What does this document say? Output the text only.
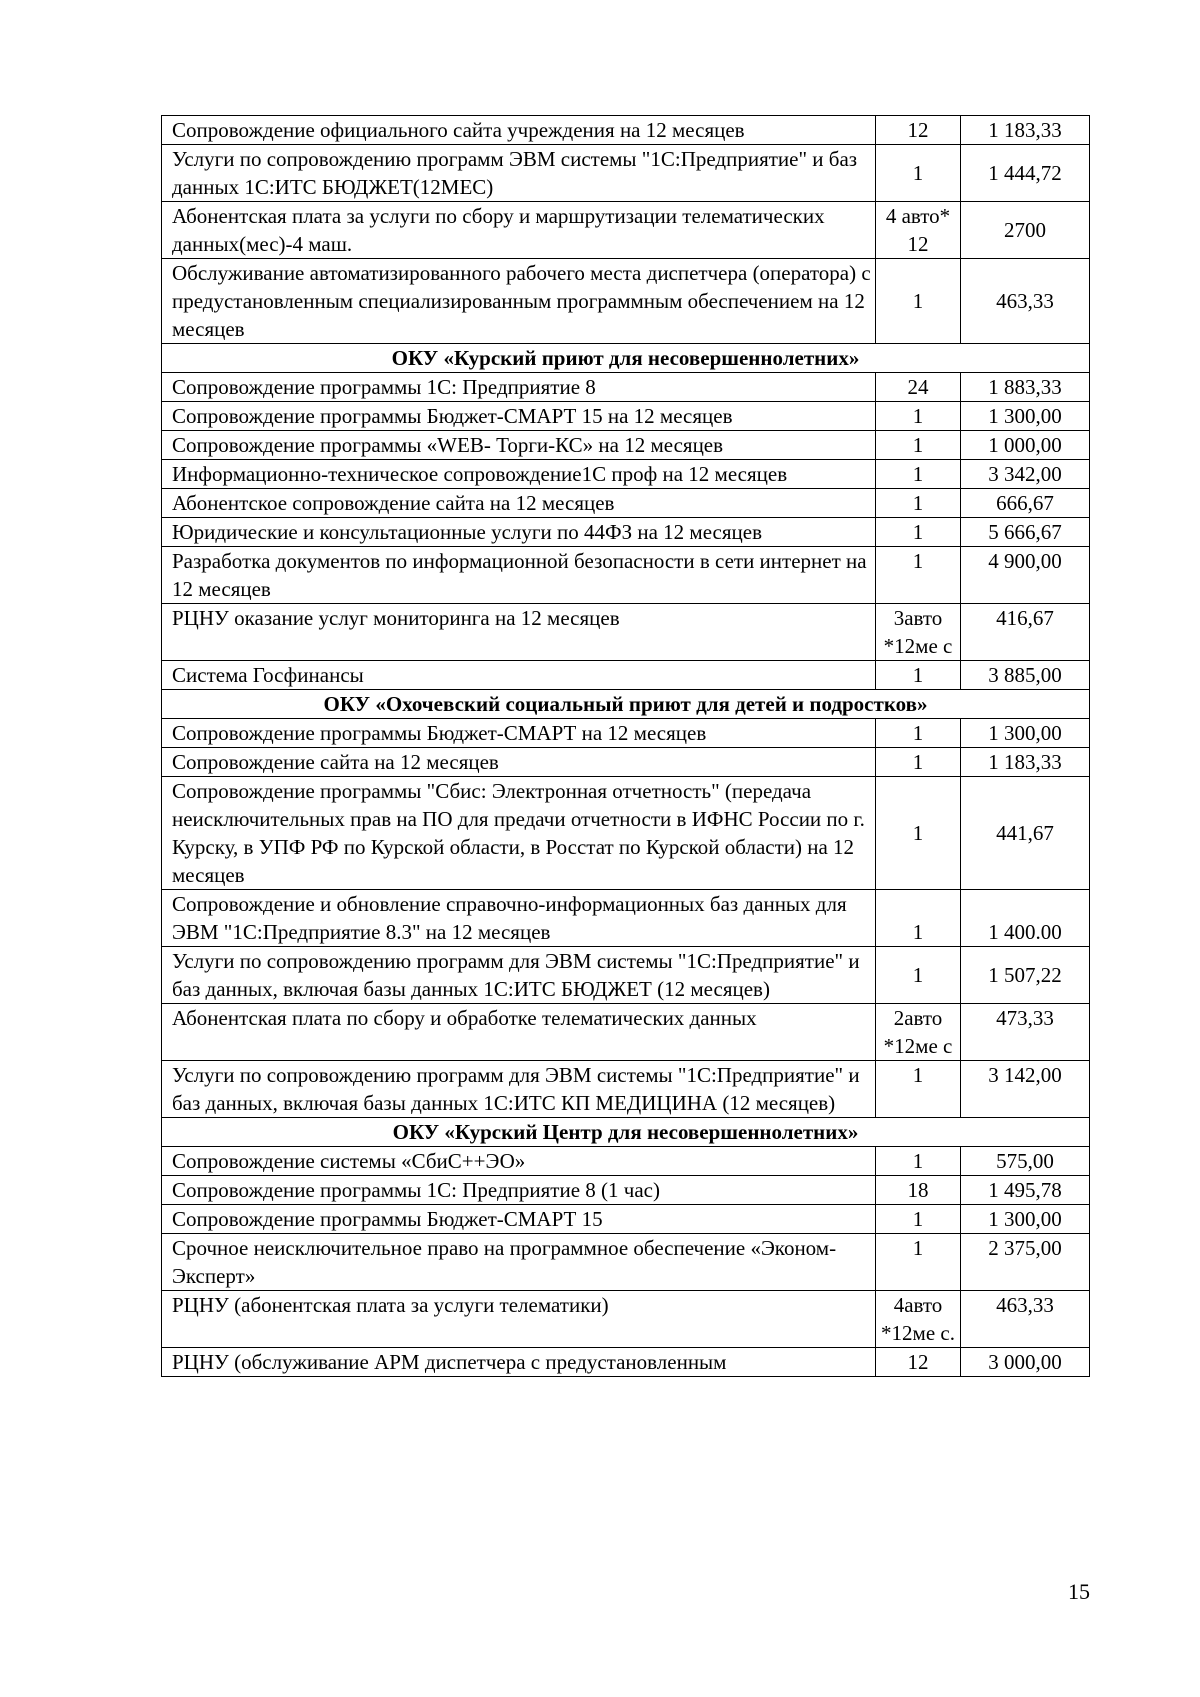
Сопровождение официального сайта учреждения на 12 месяцев	12	1 183,33
Услуги по сопровождению программ ЭВМ системы "1С:Предприятие" и баз данных 1С:ИТС БЮДЖЕТ(12МЕС)	1	1 444,72
Абонентская плата за услуги по сбору и маршрутизации телематических данных(мес)-4 маш.	4 авто* 12	2700
Обслуживание автоматизированного рабочего места диспетчера (оператора) с предустановленным специализированным программным обеспечением на 12 месяцев	1	463,33
ОКУ «Курский приют для несовершеннолетних»		
Сопровождение программы 1С: Предприятие 8	24	1 883,33
Сопровождение программы Бюджет-СМАРТ 15 на 12 месяцев	1	1 300,00
Сопровождение программы «WEB- Торги-КС» на 12 месяцев	1	1 000,00
Информационно-техническое сопровождение1С проф на 12 месяцев	1	3 342,00
Абонентское сопровождение сайта на 12 месяцев	1	666,67
Юридические и консультационные услуги по 44ФЗ на 12 месяцев	1	5 666,67
Разработка документов по информационной безопасности в сети интернет на 12 месяцев	1	4 900,00
РЦНУ оказание услуг мониторинга на 12 месяцев	3авто *12ме с	416,67
Система Госфинансы	1	3 885,00
ОКУ «Охочевский социальный приют для детей и подростков»		
Сопровождение программы Бюджет-СМАРТ на 12 месяцев	1	1 300,00
Сопровождение сайта на 12 месяцев	1	1 183,33
Сопровождение программы "Сбис: Электронная отчетность" (передача неисключительных прав на ПО для предачи отчетности в ИФНС России по г. Курску, в УПФ РФ по Курской области, в Росстат по Курской области) на 12 месяцев	1	441,67
Сопровождение и обновление справочно-информационных баз данных для ЭВМ "1С:Предприятие 8.3" на 12 месяцев	1	1 400.00
Услуги по сопровождению программ для ЭВМ системы "1С:Предприятие" и баз данных, включая базы данных 1С:ИТС БЮДЖЕТ (12 месяцев)	1	1 507,22
Абонентская плата по сбору и обработке телематических данных	2авто *12ме с	473,33
Услуги по сопровождению программ для ЭВМ системы "1С:Предприятие" и баз данных, включая базы данных 1С:ИТС КП МЕДИЦИНА (12 месяцев)	1	3 142,00
ОКУ «Курский Центр для несовершеннолетних»		
Сопровождение системы «СбиС++ЭО»	1	575,00
Сопровождение программы 1С: Предприятие 8 (1 час)	18	1 495,78
Сопровождение программы Бюджет-СМАРТ 15	1	1 300,00
Срочное неисключительное право на программное обеспечение «Эконом-Эксперт»	1	2 375,00
РЦНУ (абонентская плата за услуги телематики)	4авто *12ме с.	463,33
РЦНУ (обслуживание АРМ диспетчера с предустановленным	12	3 000,00
15
